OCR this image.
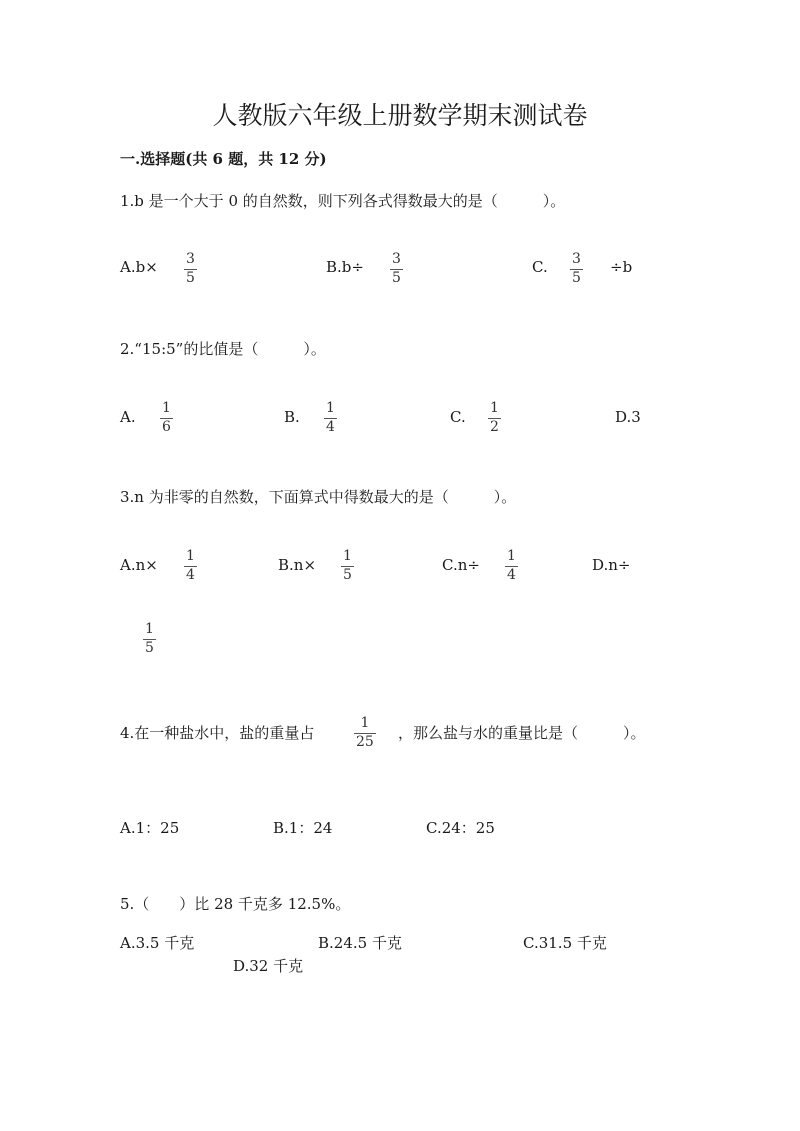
人教版六年级上册数学期末测试卷
一.选择题(共 6 题，共 12 分)
1.b 是一个大于 0 的自然数，则下列各式得数最大的是（　　　）。
A.b× 3
5
B.b÷ 3
5
C. 3
5
÷b
2.“15:5”的比值是（　　　）。
A. 1
6
B. 1
4
C. 1
2
D.3
3.n 为非零的自然数，下面算式中得数最大的是（　　　）。
A.n× 1
4
B.n× 1
5
C.n÷ 1
4
D.n÷
1
5
4.在一种盐水中，盐的重量占
1
25 ，那么盐与水的重量比是（　　　）。
A.1：25	B.1：24	C.24：25
5.（　　）比 28 千克多 12.5%。
A.3.5 千克	B.24.5 千克	C.31.5 千克
D.32 千克
